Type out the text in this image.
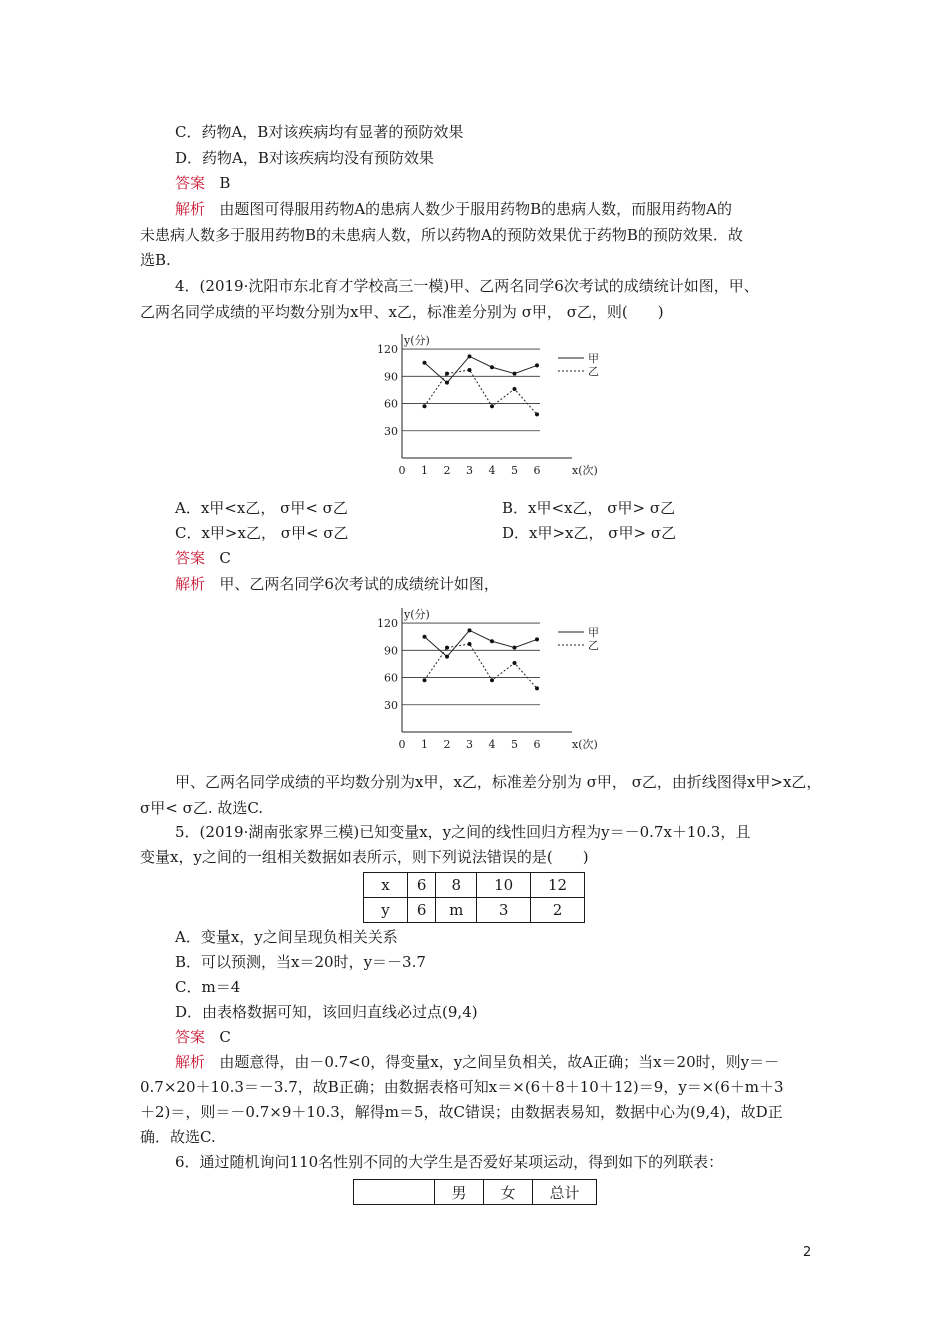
C．药物A，B对该疾病均有显著的预防效果
D．药物A，B对该疾病均没有预防效果
答案 B
解析 由题图可得服用药物A的患病人数少于服用药物B的患病人数，而服用药物A的
未患病人数多于服用药物B的未患病人数，所以药物A的预防效果优于药物B的预防效果．故
选B.
4．(2019·沈阳市东北育才学校高三一模)甲、乙两名同学6次考试的成绩统计如图，甲、
乙两名同学成绩的平均数分别为x甲、x乙，标准差分别为 σ甲， σ乙，则(　　)
30
60
90
120
0 1 2 3 4 5 6
y(分)
x(次)
甲
乙
A．x甲<x乙， σ甲< σ乙	B．x甲<x乙， σ甲> σ乙
C．x甲>x乙， σ甲< σ乙	D．x甲>x乙， σ甲> σ乙
答案 C
解析 甲、乙两名同学6次考试的成绩统计如图，
30
60
90
120
0 1 2 3 4 5 6
y(分)
x(次)
甲
乙
甲、乙两名同学成绩的平均数分别为x甲，x乙，标准差分别为 σ甲， σ乙，由折线图得x甲>x乙，
σ甲< σ乙. 故选C.
5．(2019·湖南张家界三模)已知变量x，y之间的线性回归方程为y＝－0.7x＋10.3，且
变量x，y之间的一组相关数据如表所示，则下列说法错误的是(　　)
x	6	8	10	12
y	6	m	3	2
A．变量x，y之间呈现负相关关系
B．可以预测，当x＝20时，y＝－3.7
C．m＝4
D．由表格数据可知，该回归直线必过点(9,4)
答案 C
解析 由题意得，由－0.7<0，得变量x，y之间呈负相关，故A正确；当x＝20时，则y＝－
0.7×20＋10.3＝－3.7，故B正确；由数据表格可知x＝×(6＋8＋10＋12)＝9，y＝×(6＋m＋3
＋2)＝，则＝－0.7×9＋10.3，解得m＝5，故C错误；由数据表易知，数据中心为(9,4)，故D正
确．故选C.
6．通过随机询问110名性别不同的大学生是否爱好某项运动，得到如下的列联表：
	男	女	总计
2
